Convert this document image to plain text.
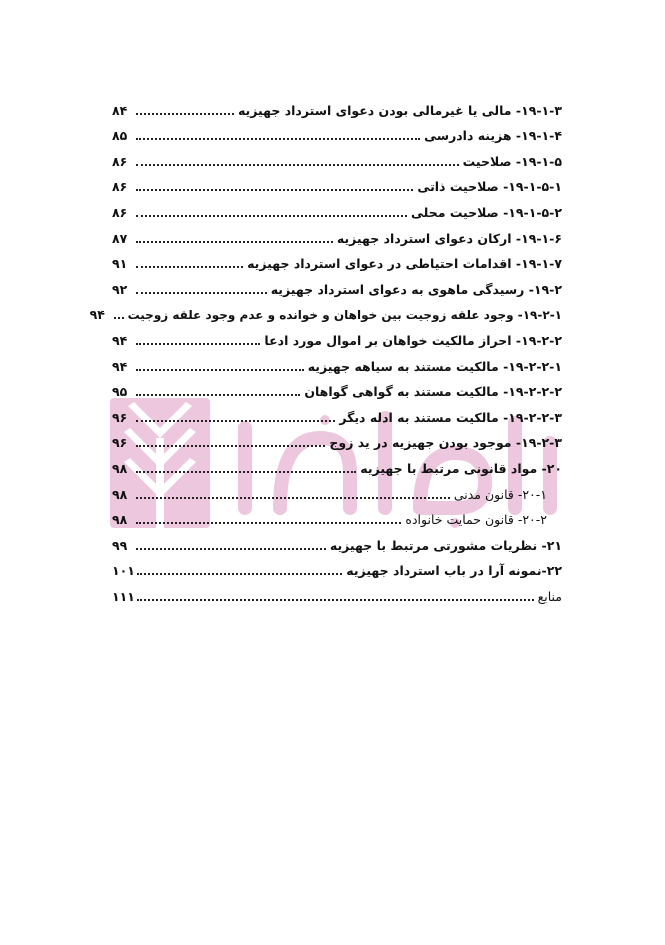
۱۹-۱-۳- مالی یا غیرمالی بودن دعوای استرداد جهیزیه
۸۴
۱۹-۱-۴- هزینه دادرسی
۸۵
۱۹-۱-۵- صلاحیت
۸۶
۱۹-۱-۵-۱- صلاحیت ذاتی
۸۶
۱۹-۱-۵-۲- صلاحیت محلی
۸۶
۱۹-۱-۶- ارکان دعوای استرداد جهیزیه
۸۷
۱۹-۱-۷- اقدامات احتیاطی در دعوای استرداد جهیزیه
۹۱
۱۹-۲- رسیدگی ماهوی به دعوای استرداد جهیزیه
۹۲
۱۹-۲-۱- وجود علقه زوجیت بین خواهان و خوانده و عدم وجود علقه زوجیت
۹۴
۱۹-۲-۲- احراز مالکیت خواهان بر اموال مورد ادعا
۹۴
۱۹-۲-۲-۱- مالکیت مستند به سیاهه جهیزیه
۹۴
۱۹-۲-۲-۲- مالکیت مستند به گواهی گواهان
۹۵
۱۹-۲-۲-۳- مالکیت مستند به ادله دیگر
۹۶
۱۹-۲-۳- موجود بودن جهیزیه در ید زوج
۹۶
۲۰- مواد قانونی مرتبط با جهیزیه
۹۸
۲۰-۱- قانون مدنی
۹۸
۲۰-۲- قانون حمایت خانواده
۹۸
۲۱- نظریات مشورتی مرتبط با جهیزیه
۹۹
۲۲-نمونه آرا در باب استرداد جهیزیه
۱۰۱
منابع
۱۱۱
